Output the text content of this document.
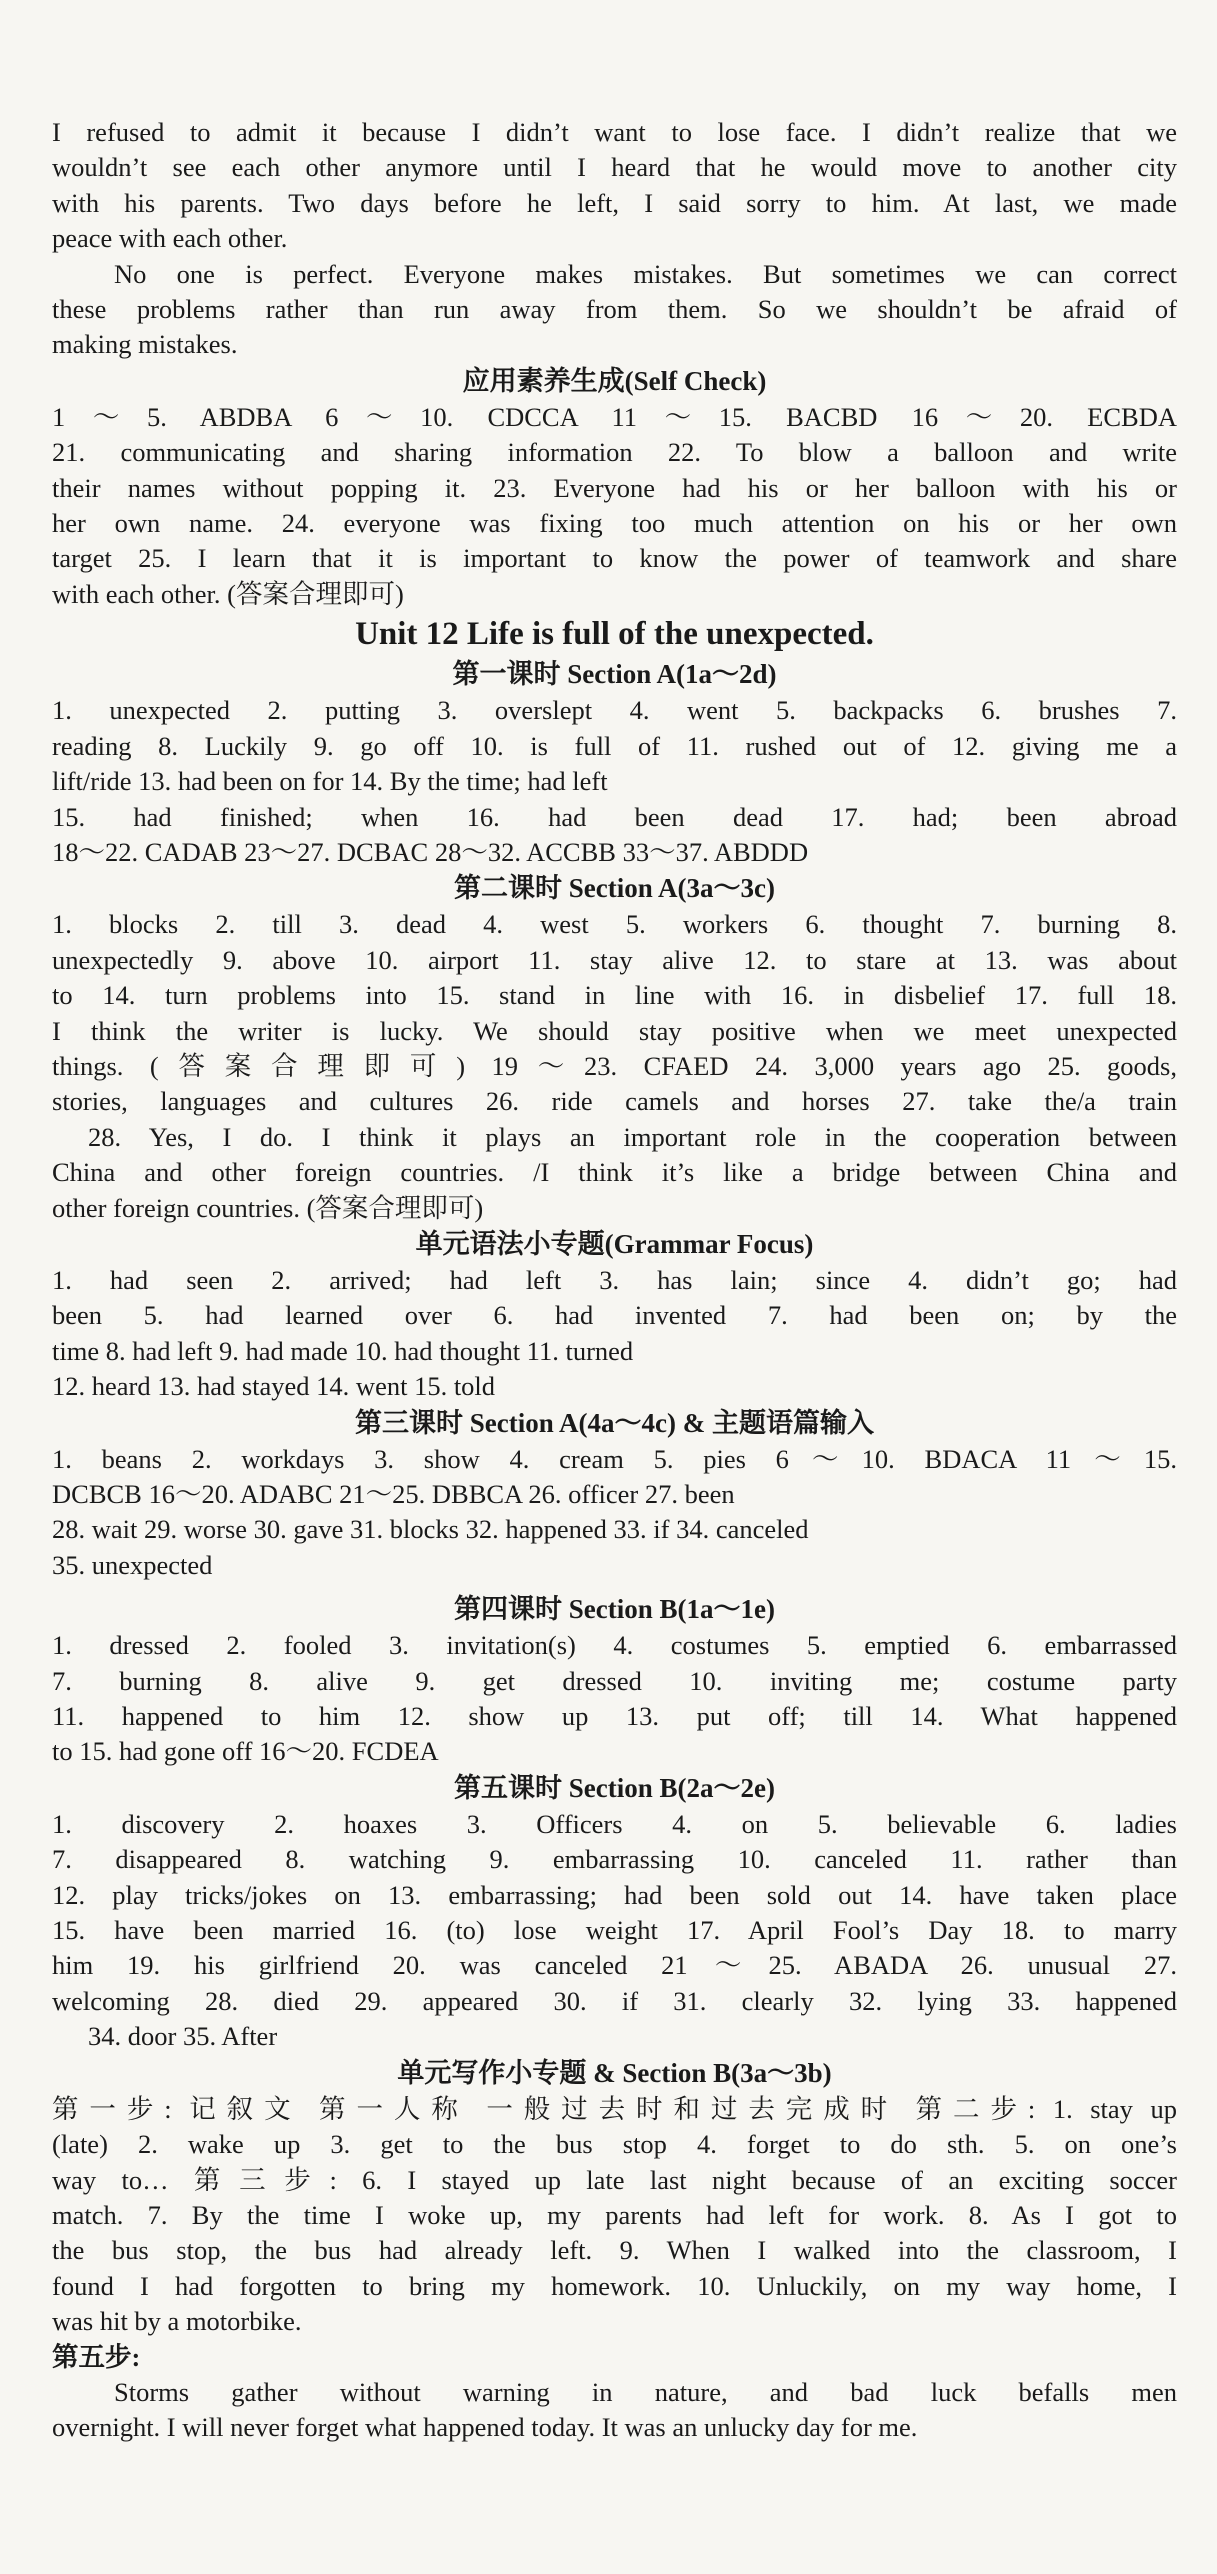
I refused to admit it because I didn’t want to lose face. I didn’t realize that we

wouldn’t see each other anymore until I heard that he would move to another city

with his parents. Two days before he left, I said sorry to him. At last, we made

peace with each other.

No one is perfect. Everyone makes mistakes. But sometimes we can correct

these problems rather than run away from them. So we shouldn’t be afraid of

making mistakes.

应用素养生成(Self Check)

1～5. ABDBA 6～10. CDCCA 11～15. BACBD 16～20. ECBDA

21. communicating and sharing information 22. To blow a balloon and write

their names without popping it. 23. Everyone had his or her balloon with his or

her own name. 24. everyone was fixing too much attention on his or her own

target 25. I learn that it is important to know the power of teamwork and share

with each other. (答案合理即可)

Unit 12 Life is full of the unexpected.

第一课时 Section A(1a～2d)

1. unexpected 2. putting 3. overslept 4. went 5. backpacks 6. brushes 7.

reading 8. Luckily 9. go off 10. is full of 11. rushed out of 12. giving me a

lift/ride 13. had been on for 14. By the time; had left

15. had finished; when 16. had been dead 17. had; been abroad

18～22. CADAB 23～27. DCBAC 28～32. ACCBB 33～37. ABDDD

第二课时 Section A(3a～3c)

1. blocks 2. till 3. dead 4. west 5. workers 6. thought 7. burning 8.

unexpectedly 9. above 10. airport 11. stay alive 12. to stare at 13. was about

to 14. turn problems into 15. stand in line with 16. in disbelief 17. full 18.

I think the writer is lucky. We should stay positive when we meet unexpected

things. (答案合理即可) 19～23. CFAED 24. 3,000 years ago 25. goods,

stories, languages and cultures 26. ride camels and horses 27. take the/a train

28. Yes, I do. I think it plays an important role in the cooperation between

China and other foreign countries. /I think it’s like a bridge between China and

other foreign countries. (答案合理即可)

单元语法小专题(Grammar Focus)

1. had seen 2. arrived; had left 3. has lain; since 4. didn’t go; had

been 5. had learned over 6. had invented 7. had been on; by the

time 8. had left 9. had made 10. had thought 11. turned

12. heard 13. had stayed 14. went 15. told

第三课时 Section A(4a～4c) & 主题语篇输入

1. beans 2. workdays 3. show 4. cream 5. pies 6～10. BDACA 11～15.

DCBCB 16～20. ADABC 21～25. DBBCA 26. officer 27. been

28. wait 29. worse 30. gave 31. blocks 32. happened 33. if 34. canceled

35. unexpected

第四课时 Section B(1a～1e)

1. dressed 2. fooled 3. invitation(s) 4. costumes 5. emptied 6. embarrassed

7. burning 8. alive 9. get dressed 10. inviting me; costume party

11. happened to him 12. show up 13. put off; till 14. What happened

to 15. had gone off 16～20. FCDEA

第五课时 Section B(2a～2e)

1. discovery 2. hoaxes 3. Officers 4. on 5. believable 6. ladies

7. disappeared 8. watching 9. embarrassing 10. canceled 11. rather than

12. play tricks/jokes on 13. embarrassing; had been sold out 14. have taken place

15. have been married 16. (to) lose weight 17. April Fool’s Day 18. to marry

him 19. his girlfriend 20. was canceled 21～25. ABADA 26. unusual 27.

welcoming 28. died 29. appeared 30. if 31. clearly 32. lying 33. happened

34. door 35. After

单元写作小专题 & Section B(3a～3b)

第一步: 记叙文 第一人称 一般过去时和过去完成时 第二步: 1. stay up

(late) 2. wake up 3. get to the bus stop 4. forget to do sth. 5. on one’s

way to… 第三步: 6. I stayed up late last night because of an exciting soccer

match. 7. By the time I woke up, my parents had left for work. 8. As I got to

the bus stop, the bus had already left. 9. When I walked into the classroom, I

found I had forgotten to bring my homework. 10. Unluckily, on my way home, I

was hit by a motorbike.

第五步:

Storms gather without warning in nature, and bad luck befalls men

overnight. I will never forget what happened today. It was an unlucky day for me.
